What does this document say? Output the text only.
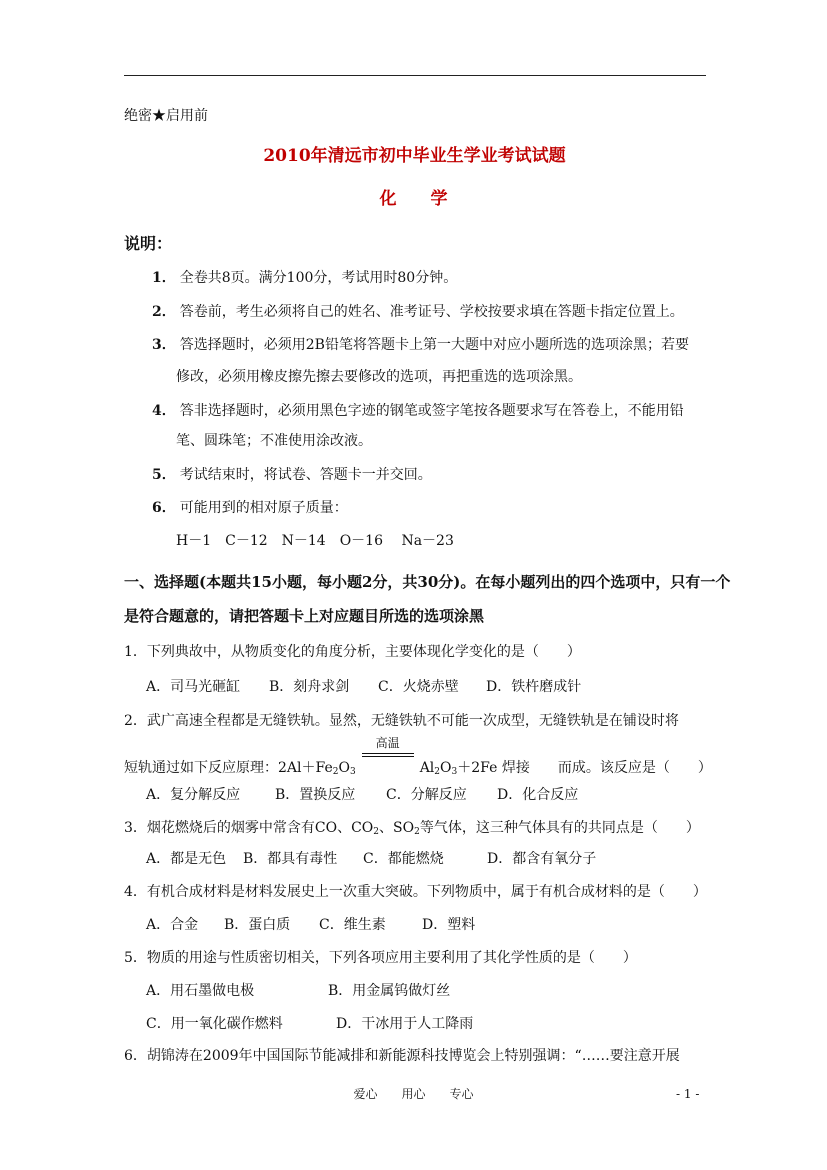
绝密★启用前
2010年清远市初中毕业生学业考试试题
化　　学
说明：
1． 全卷共8页。满分100分，考试用时80分钟。
2． 答卷前，考生必须将自己的姓名、准考证号、学校按要求填在答题卡指定位置上。
3． 答选择题时，必须用2B铅笔将答题卡上第一大题中对应小题所选的选项涂黑；若要
修改，必须用橡皮擦先擦去要修改的选项，再把重选的选项涂黑。
4． 答非选择题时，必须用黑色字迹的钢笔或签字笔按各题要求写在答卷上，不能用铅
笔、圆珠笔；不准使用涂改液。
5． 考试结束时，将试卷、答题卡一并交回。
6． 可能用到的相对原子质量：
H－1　C－12　N－14　O－16　 Na－23
一、选择题(本题共15小题，每小题2分，共30分)。在每小题列出的四个选项中，只有一个
是符合题意的，请把答题卡上对应题目所选的选项涂黑
1．下列典故中，从物质变化的角度分析，主要体现化学变化的是（　　）
A．司马光砸缸 B．刻舟求剑 C．火烧赤壁 D．铁杵磨成针
2．武广高速全程都是无缝铁轨。显然，无缝铁轨不可能一次成型，无缝铁轨是在铺设时将
短轨通过如下反应原理：$2Al+Fe_2O_3$
高温
$Al_2O_3+2Fe$ 焊接　　而成。该反应是（　　）
A．复分解反应 B．置换反应 C．分解反应 D．化合反应
3．烟花燃烧后的烟雾中常含有CO、$CO_2$、$SO_2$等气体，这三种气体具有的共同点是（　　）
A．都是无色 B．都具有毒性 C．都能燃烧	D．都含有氧分子
4．有机合成材料是材料发展史上一次重大突破。下列物质中，属于有机合成材料的是（　　）
A．合金 B．蛋白质 C．维生素	D．塑料
5．物质的用途与性质密切相关，下列各项应用主要利用了其化学性质的是（　　）
A．用石墨做电极	B．用金属钨做灯丝
C．用一氧化碳作燃料	D．干冰用于人工降雨
6．胡锦涛在2009年中国国际节能减排和新能源科技博览会上特别强调：“……要注意开展
爱心　　用心　　专心	- 1 -
